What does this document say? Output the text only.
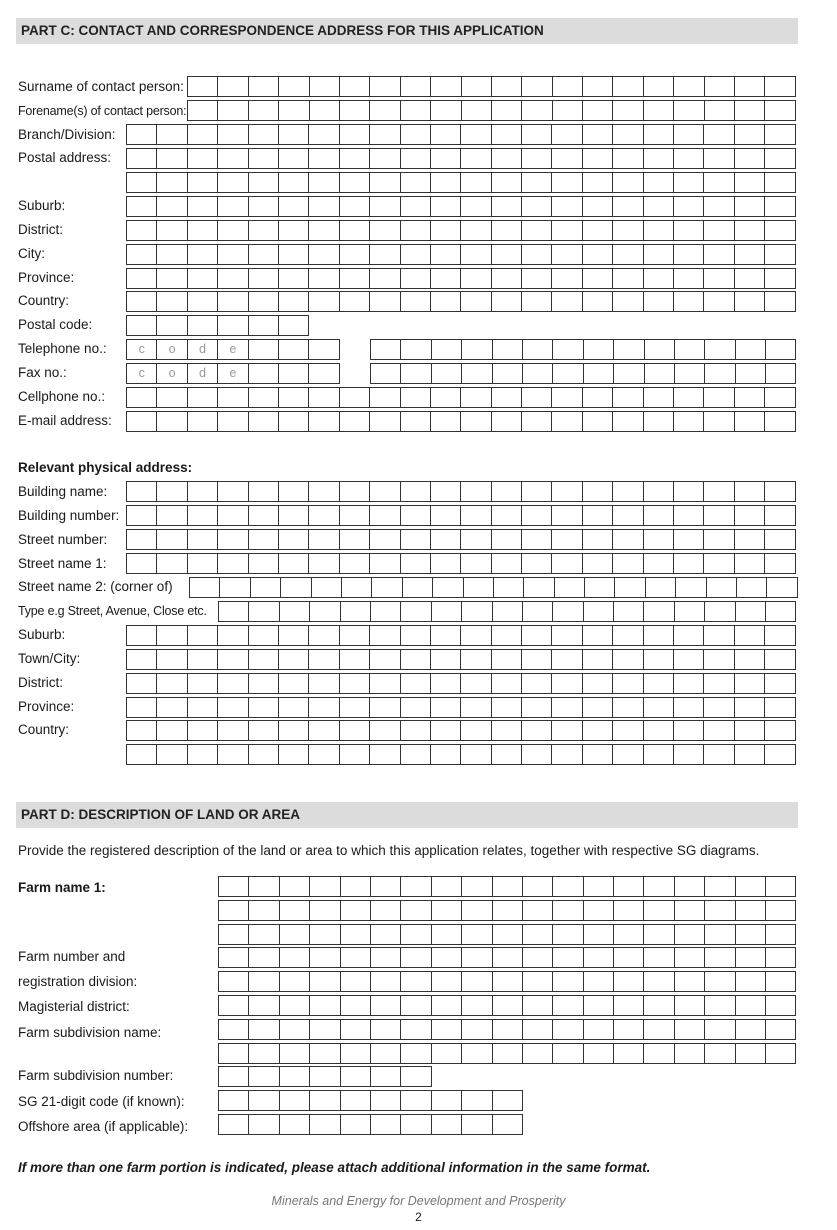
PART C: CONTACT AND CORRESPONDENCE ADDRESS FOR THIS APPLICATION
Surname of contact person:
Forename(s) of contact person:
Branch/Division:
Postal address:
Suburb:
District:
City:
Province:
Country:
Postal code:
Telephone no.:	c	o	d	e
Fax no.:	c	o	d	e
Cellphone no.:
E-mail address:
Relevant physical address:
Building name:
Building number:
Street number:
Street name 1:
Street name 2: (corner of)
Type e.g Street, Avenue, Close etc.
Suburb:
Town/City:
District:
Province:
Country:
PART D: DESCRIPTION OF LAND OR AREA
Provide the registered description of the land or area to which this application relates, together with respective SG diagrams.
Farm name 1:
Farm number and
registration division:
Magisterial district:
Farm subdivision name:
Farm subdivision number:
SG 21-digit code (if known):
Offshore area (if applicable):
If more than one farm portion is indicated, please attach additional information in the same format.
Minerals and Energy for Development and Prosperity
2
